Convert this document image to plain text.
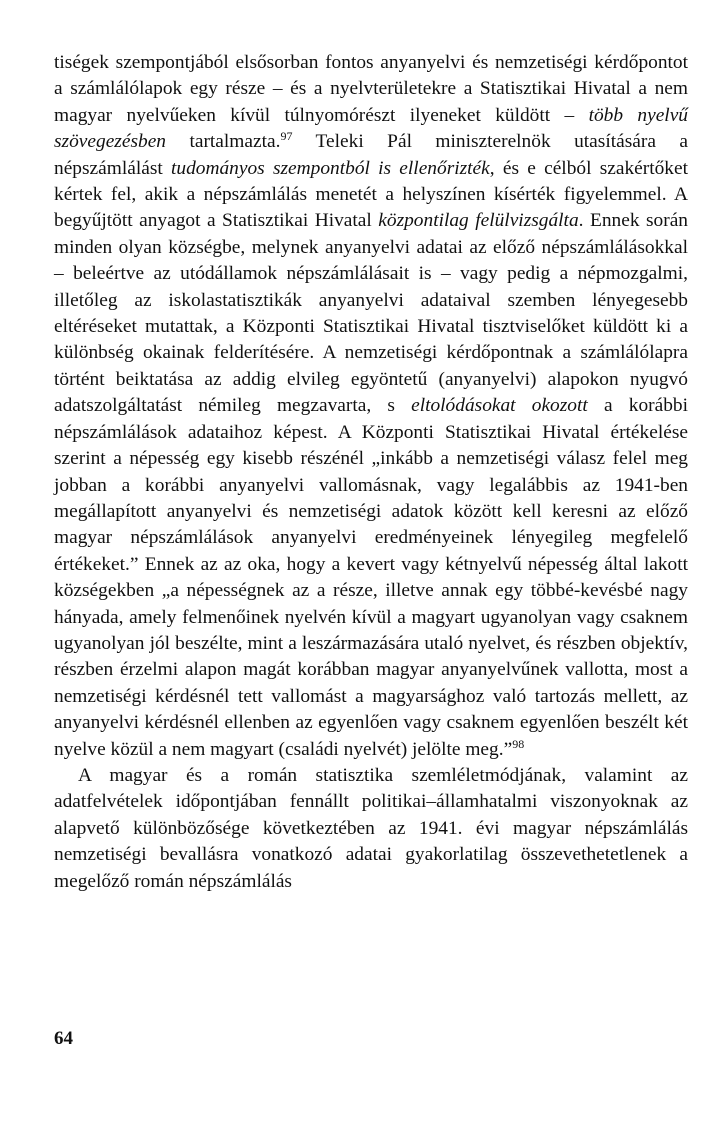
tiségek szempontjából elsősorban fontos anyanyelvi és nemzetiségi kérdőpontot a számlálólapok egy része – és a nyelvterületekre a Statisztikai Hivatal a nem magyar nyelvűeken kívül túlnyomórészt ilyeneket küldött – több nyelvű szövegezésben tartalmazta.$^{97}$ Teleki Pál miniszterelnök utasítására a népszámlálást tudományos szempontból is ellenőrizték, és e célból szakértőket kértek fel, akik a népszámlálás menetét a helyszínen kísérték figyelemmel. A begyűjtött anyagot a Statisztikai Hivatal központilag felülvizsgálta. Ennek során minden olyan községbe, melynek anyanyelvi adatai az előző népszámlálásokkal – beleértve az utódállamok népszámlálásait is – vagy pedig a népmozgalmi, illetőleg az iskolastatisztikák anyanyelvi adataival szemben lényegesebb eltéréseket mutattak, a Központi Statisztikai Hivatal tisztviselőket küldött ki a különbség okainak felderítésére. A nemzetiségi kérdőpontnak a számlálólapra történt beiktatása az addig elvileg egyöntetű (anyanyelvi) alapokon nyugvó adatszolgáltatást némileg megzavarta, s eltolódásokat okozott a korábbi népszámlálások adataihoz képest. A Központi Statisztikai Hivatal értékelése szerint a népesség egy kisebb részénél „inkább a nemzetiségi válasz felel meg jobban a korábbi anyanyelvi vallomásnak, vagy legalábbis az 1941-ben megállapított anyanyelvi és nemzetiségi adatok között kell keresni az előző magyar népszámlálások anyanyelvi eredményeinek lényegileg megfelelő értékeket.” Ennek az az oka, hogy a kevert vagy kétnyelvű népesség által lakott községekben „a népességnek az a része, illetve annak egy többé-kevésbé nagy hányada, amely felmenőinek nyelvén kívül a magyart ugyanolyan vagy csaknem ugyanolyan jól beszélte, mint a leszármazására utaló nyelvet, és részben objektív, részben érzelmi alapon magát korábban magyar anyanyelvűnek vallotta, most a nemzetiségi kérdésnél tett vallomást a magyarsághoz való tartozás mellett, az anyanyelvi kérdésnél ellenben az egyenlően vagy csaknem egyenlően beszélt két nyelve közül a nem magyart (családi nyelvét) jelölte meg.”$^{98}$

A magyar és a román statisztika szemléletmódjának, valamint az adatfelvételek időpontjában fennállt politikai–államhatalmi viszonyoknak az alapvető különbözősége következtében az 1941. évi magyar népszámlálás nemzetiségi bevallásra vonatkozó adatai gyakorlatilag összevethetetlenek a megelőző román népszámlálás

64
